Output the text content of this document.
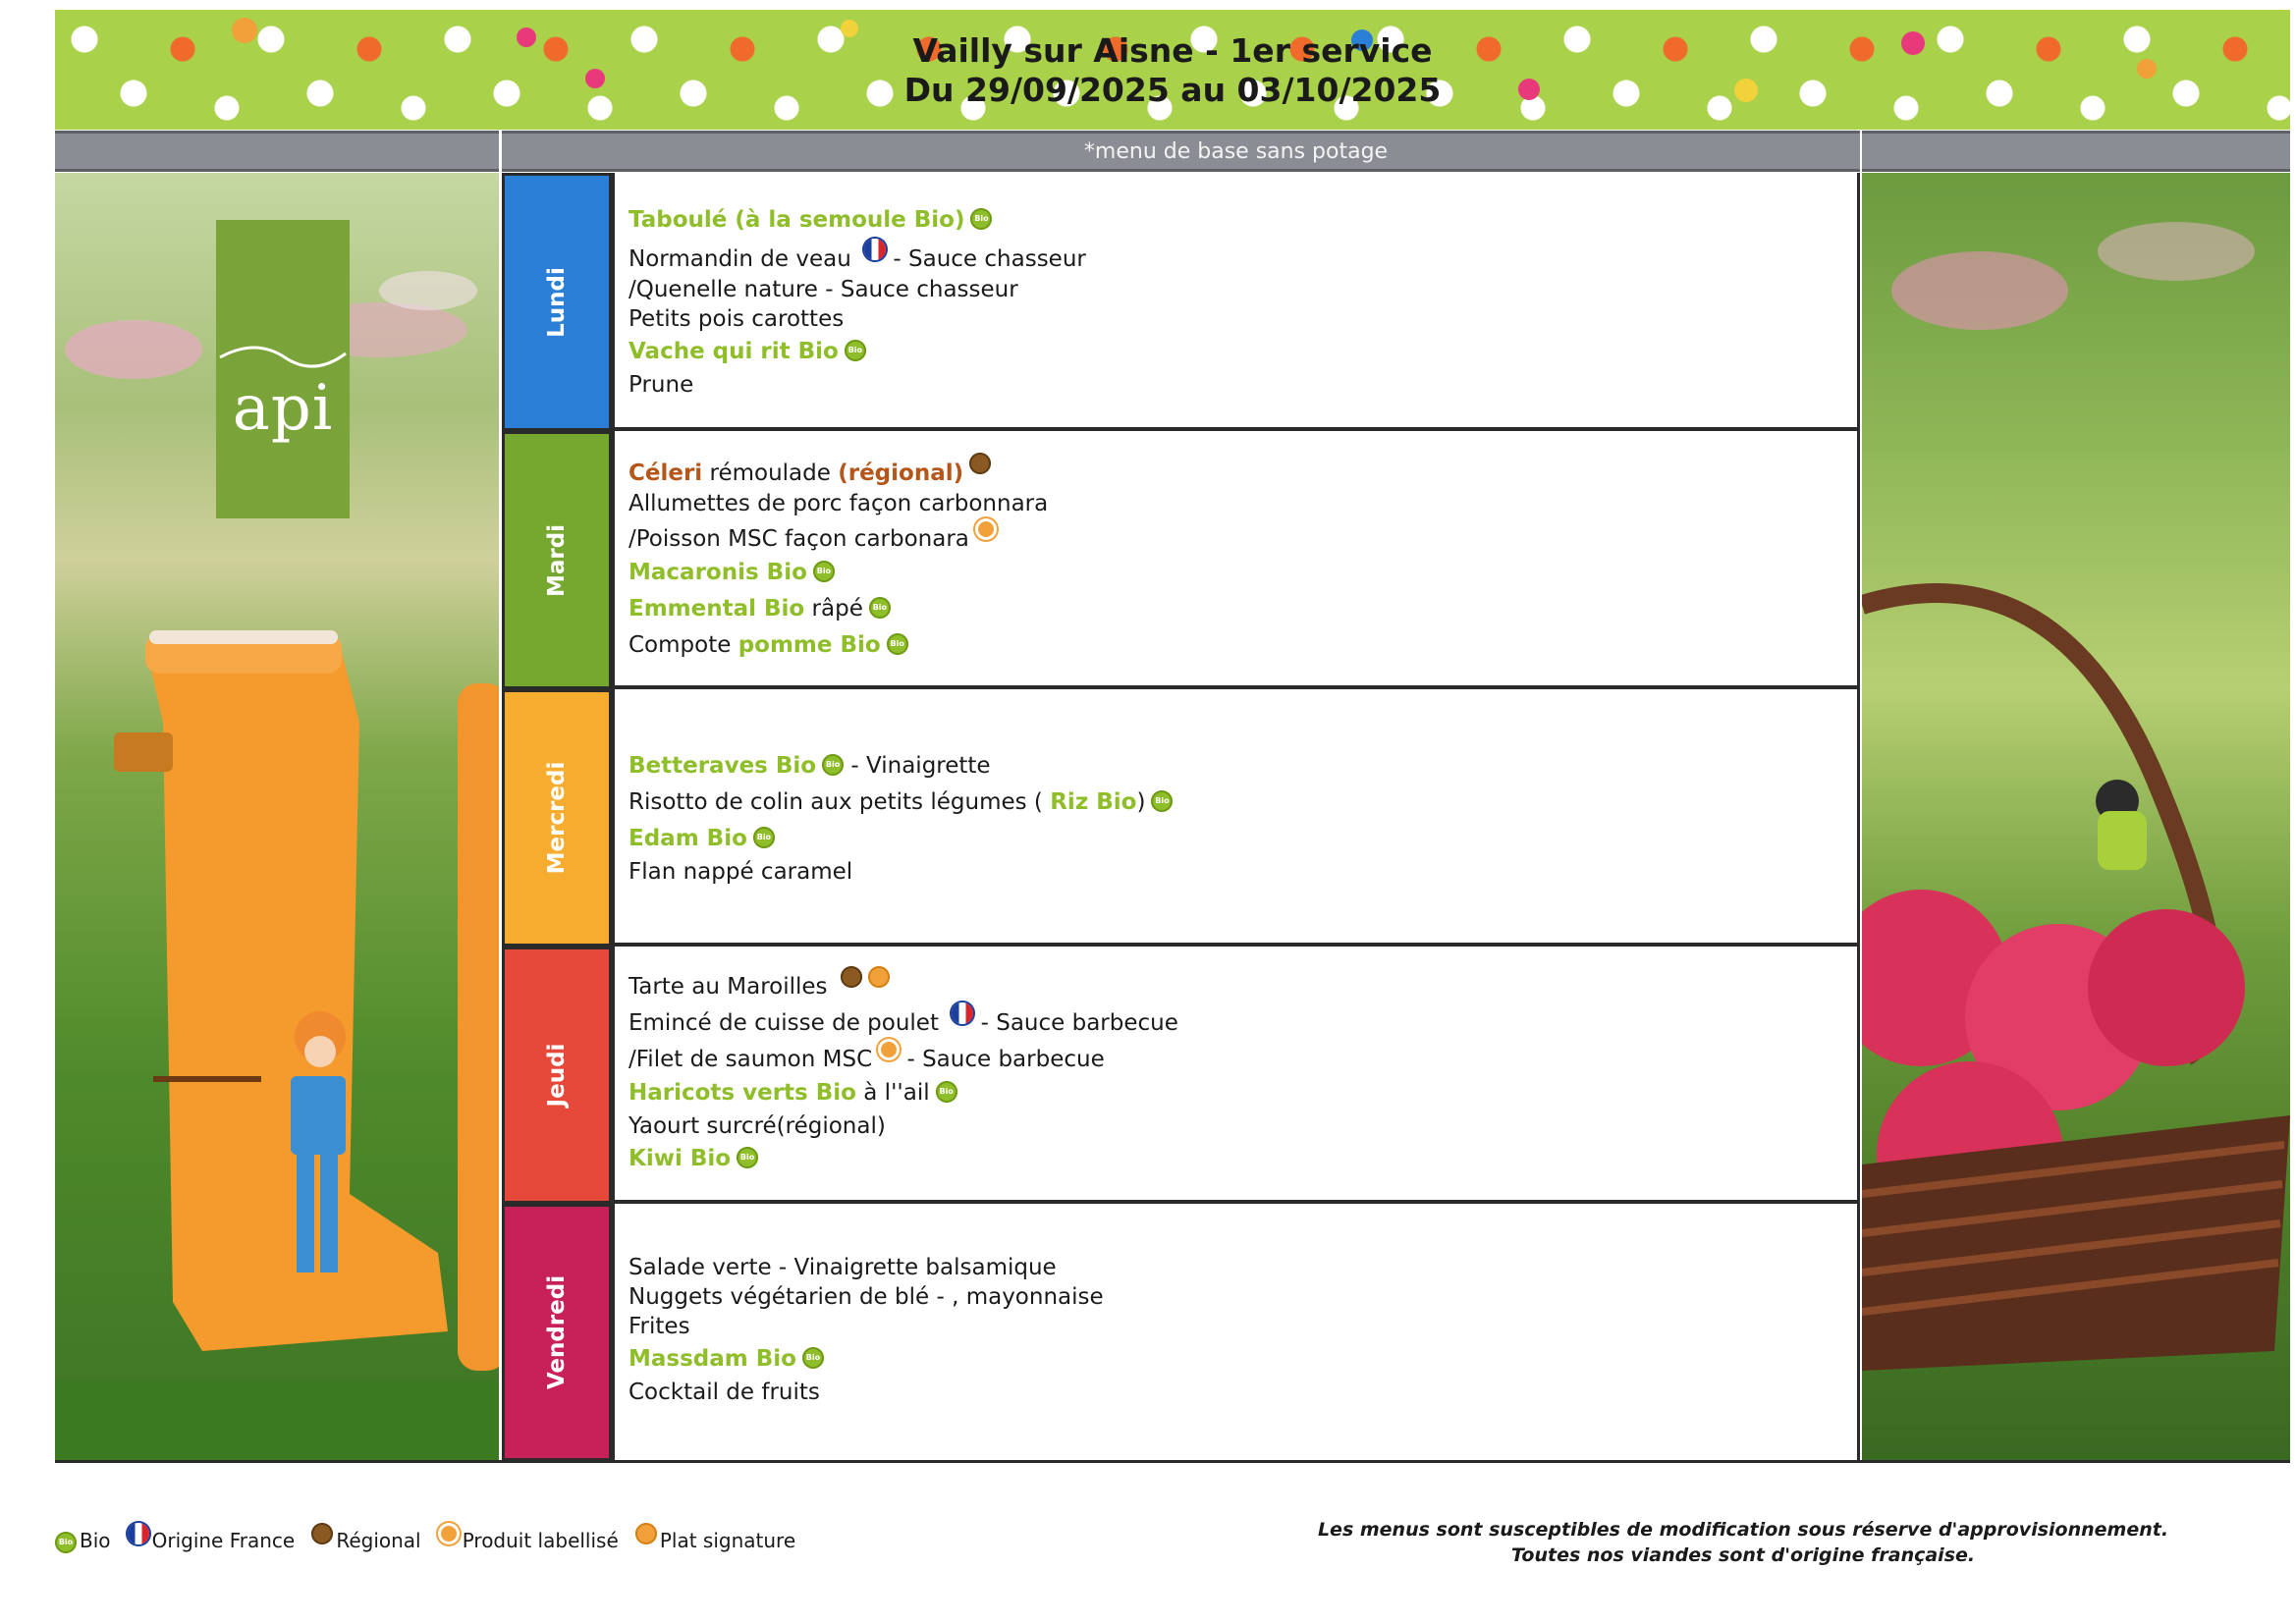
Vailly sur Aisne - 1er service
Du 29/09/2025 au 03/10/2025
*menu de base sans potage
api
Lundi
Mardi
Mercredi
Jeudi
Vendredi
Taboulé (à la semoule Bio) Bio
Normandin de veau  - Sauce chasseur
/Quenelle nature - Sauce chasseur
Petits pois carottes
Vache qui rit Bio Bio
Prune
Céleri rémoulade (régional)
Allumettes de porc façon carbonnara
/Poisson MSC façon carbonara
Macaronis Bio Bio
Emmental Bio râpé Bio
Compote pomme Bio Bio
Betteraves Bio Bio - Vinaigrette
Risotto de colin aux petits légumes ( Riz Bio) Bio
Edam Bio Bio
Flan nappé caramel
Tarte au Maroilles
Emincé de cuisse de poulet  - Sauce barbecue
/Filet de saumon MSC - Sauce barbecue
Haricots verts Bio à l''ail Bio
Yaourt surcré(régional)
Kiwi Bio Bio
Salade verte - Vinaigrette balsamique
Nuggets végétarien de blé - , mayonnaise
Frites
Massdam Bio Bio
Cocktail de fruits
Bio Bio Origine France Régional Produit labellisé Plat signature	Les menus sont susceptibles de modification sous réserve d'approvisionnement.
Toutes nos viandes sont d'origine française.
